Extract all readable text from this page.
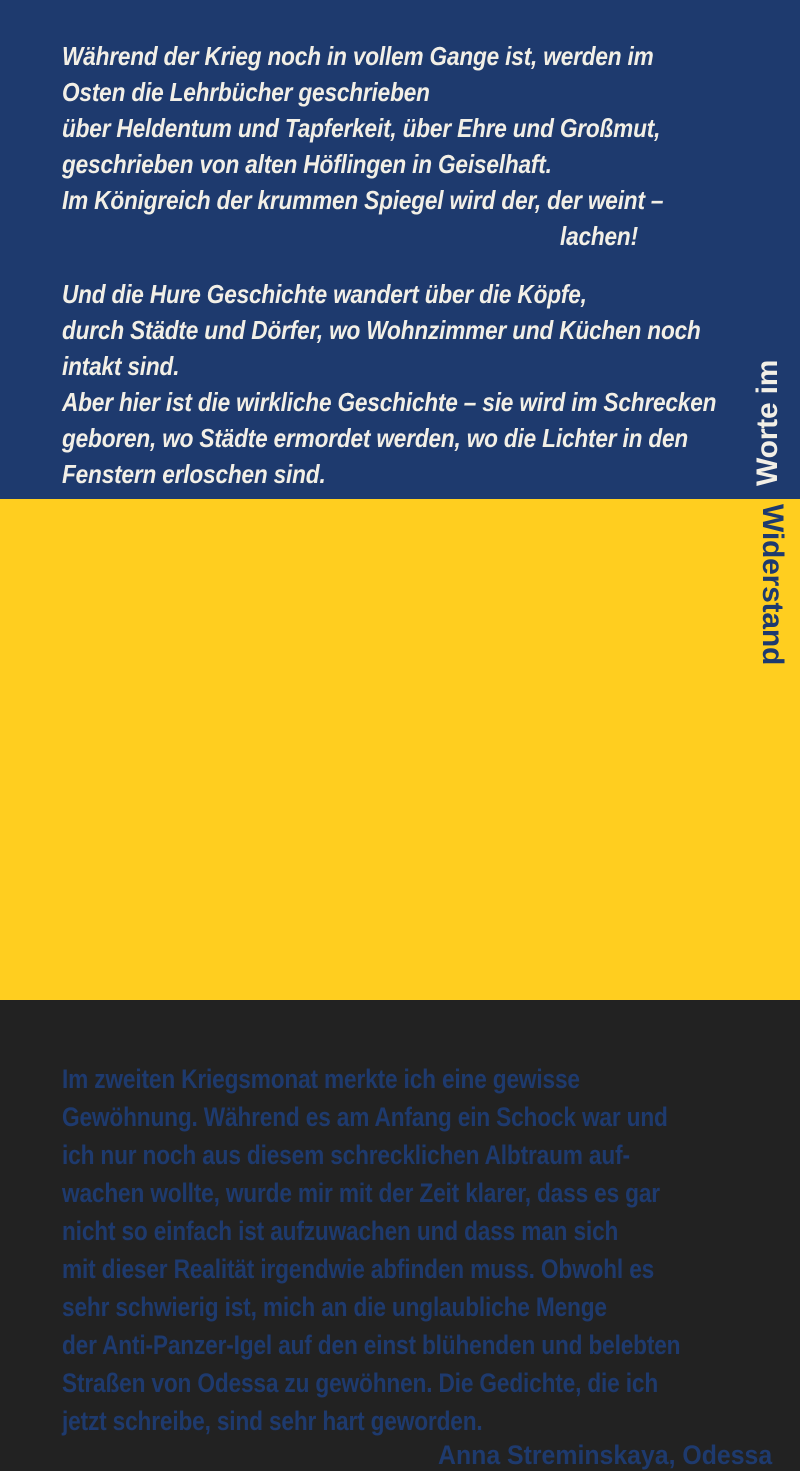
Während der Krieg noch in vollem Gange ist, werden im
Osten die Lehrbücher geschrieben
über Heldentum und Tapferkeit, über Ehre und Großmut,
geschrieben von alten Höflingen in Geiselhaft.
Im Königreich der krummen Spiegel wird der, der weint –
lachen!
Und die Hure Geschichte wandert über die Köpfe,
durch Städte und Dörfer, wo Wohnzimmer und Küchen noch
intakt sind.
Aber hier ist die wirkliche Geschichte – sie wird im Schrecken
geboren, wo Städte ermordet werden, wo die Lichter in den
Fenstern erloschen sind.
Im zweiten Kriegsmonat merkte ich eine gewisse
Gewöhnung. Während es am Anfang ein Schock war und
ich nur noch aus diesem schrecklichen Albtraum auf-
wachen wollte, wurde mir mit der Zeit klarer, dass es gar
nicht so einfach ist aufzuwachen und dass man sich
mit dieser Realität irgendwie abfinden muss. Obwohl es
sehr schwierig ist, mich an die unglaubliche Menge
der Anti-Panzer-Igel auf den einst blühenden und belebten
Straßen von Odessa zu gewöhnen. Die Gedichte, die ich
jetzt schreibe, sind sehr hart geworden.
Anna Streminskaya, Odessa
Worte im
Widerstand
